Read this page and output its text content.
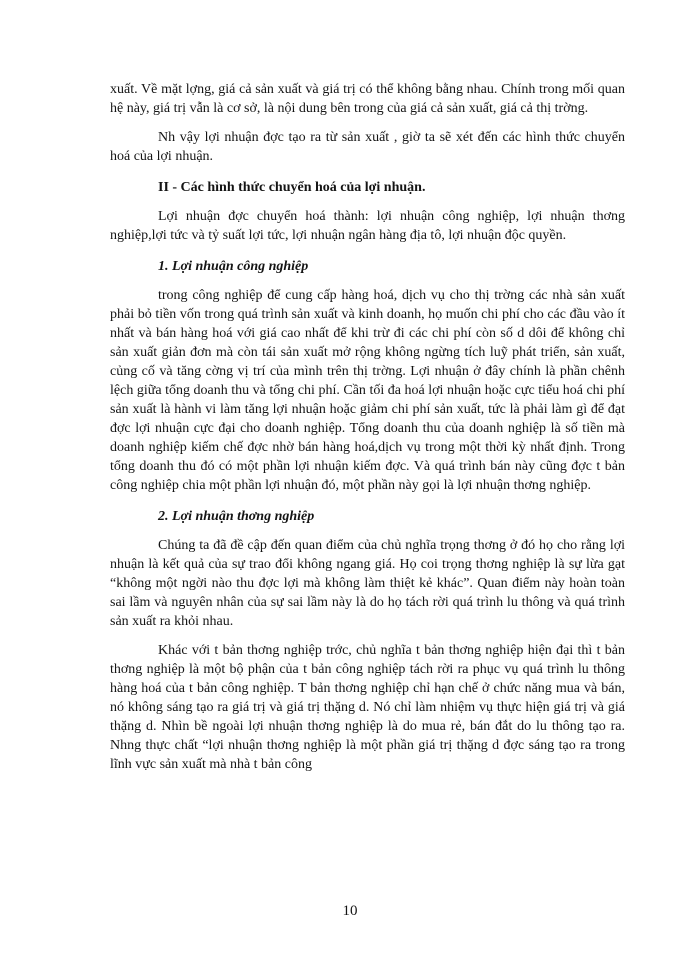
xuất. Về mặt lợng, giá cả sản xuất và giá trị có thể không bằng nhau. Chính trong mối quan hệ này, giá trị vẫn là cơ sở, là nội dung bên trong của giá cả sản xuất, giá cả thị trờng.

Nh vậy lợi nhuận đợc tạo ra từ sản xuất , giờ ta sẽ xét đến các hình thức chuyển hoá của lợi nhuận.

II - Các hình thức chuyển hoá của lợi nhuận.

Lợi nhuận đợc chuyển hoá thành: lợi nhuận công nghiệp, lợi nhuận thơng nghiệp,lợi tức và tỷ suất lợi tức, lợi nhuận ngân hàng địa tô, lợi nhuận độc quyền.

1. Lợi nhuận công nghiệp

trong công nghiệp để cung cấp hàng hoá, dịch vụ cho thị trờng các nhà sản xuất phải bỏ tiền vốn trong quá trình sản xuất và kinh doanh, họ muốn chi phí cho các đầu vào ít nhất và bán hàng hoá với giá cao nhất để khi trừ đi các chi phí còn số d dôi để không chỉ sản xuất giản đơn mà còn tái sản xuất mở rộng không ngừng tích luỹ phát triển, sản xuất, củng cố và tăng cờng vị trí của mình trên thị trờng. Lợi nhuận ở đây chính là phần chênh lệch giữa tổng doanh thu và tổng chi phí. Cần tối đa hoá lợi nhuận hoặc cực tiểu hoá chi phí sản xuất là hành vi làm tăng lợi nhuận hoặc giảm chi phí sản xuất, tức là phải làm gì để đạt đợc lợi nhuận cực đại cho doanh nghiệp. Tổng doanh thu của doanh nghiệp là số tiền mà doanh nghiệp kiếm chế đợc nhờ bán hàng hoá,dịch vụ trong một thời kỳ nhất định. Trong tổng doanh thu đó có một phần lợi nhuận kiếm đợc. Và quá trình bán này cũng đợc t bản công nghiệp chia một phần lợi nhuận đó, một phần này gọi là lợi nhuận thơng nghiệp.

2. Lợi nhuận thơng nghiệp

Chúng ta đã đề cập đến quan điểm của chủ nghĩa trọng thơng ở đó họ cho rằng lợi nhuận là kết quả của sự trao đổi không ngang giá. Họ coi trọng thơng nghiệp là sự lừa gạt “không một ngời nào thu đợc lợi mà không làm thiệt kẻ khác”. Quan điểm này hoàn toàn sai lầm và nguyên nhân của sự sai lầm này là do họ tách rời quá trình lu thông và quá trình sản xuất ra khỏi nhau.

Khác với t bản thơng nghiệp trớc, chủ nghĩa t bản thơng nghiệp hiện đại thì t bản thơng nghiệp là một bộ phận của t bản công nghiệp tách rời ra phục vụ quá trình lu thông hàng hoá của t bản công nghiệp. T bản thơng nghiệp chỉ hạn chế ở chức năng mua và bán, nó không sáng tạo ra giá trị và giá trị thặng d. Nó chỉ làm nhiệm vụ thực hiện giá trị và giá thặng d. Nhìn bề ngoài lợi nhuận thơng nghiệp là do mua rẻ, bán đắt do lu thông tạo ra. Nhng thực chất “lợi nhuận thơng nghiệp là một phần giá trị thặng d đợc sáng tạo ra trong lĩnh vực sản xuất mà nhà t bản công

10
